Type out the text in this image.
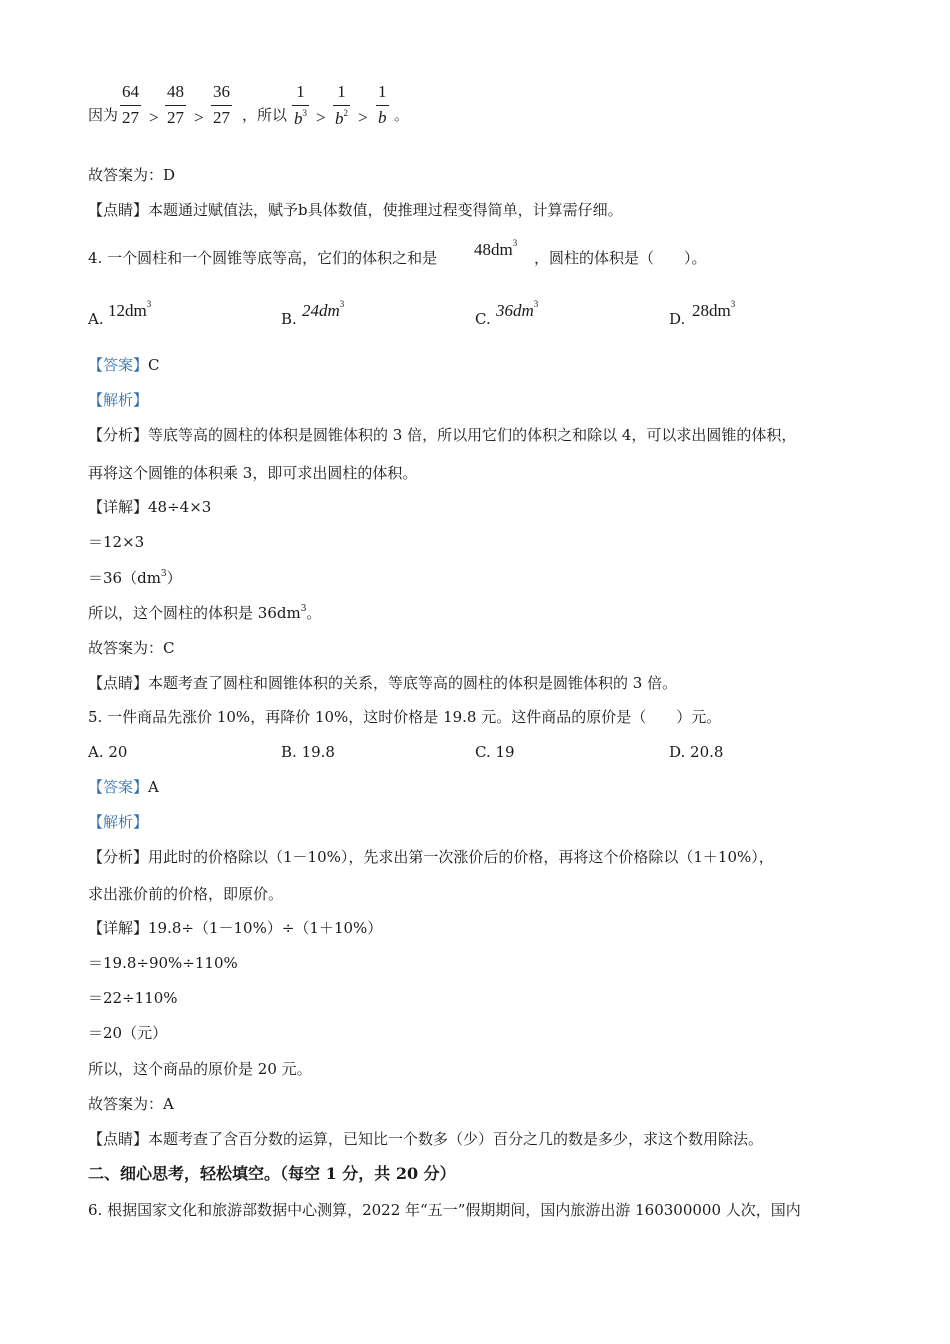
因为
64
27 >
48
27 >
36
27 ，所以
1
$b^3$ >
1
$b^2$ >
1
b 。
故答案为：D
【点睛】本题通过赋值法，赋予b具体数值，使推理过程变得简单，计算需仔细。
4. 一个圆柱和一个圆锥等底等高，它们的体积之和是 $48dm^3$
，圆柱的体积是（　　）。
A. $12dm^3$
B. $24dm^3$
C. $36dm^3$
D. $28dm^3$
【答案】C
【解析】
【分析】等底等高的圆柱的体积是圆锥体积的 3 倍，所以用它们的体积之和除以 4，可以求出圆锥的体积，
再将这个圆锥的体积乘 3，即可求出圆柱的体积。
【详解】48÷4×3
＝12×3
$=36(dm^3)$
所以，这个圆柱的体积是 $36dm^3$。
故答案为：C
【点睛】本题考查了圆柱和圆锥体积的关系，等底等高的圆柱的体积是圆锥体积的 3 倍。
5. 一件商品先涨价 10%，再降价 10%，这时价格是 19.8 元。这件商品的原价是（　　）元。
A. 20	B. 19.8	C. 19	D. 20.8
【答案】A
【解析】
【分析】用此时的价格除以（1－10%），先求出第一次涨价后的价格，再将这个价格除以（1＋10%），
求出涨价前的价格，即原价。
【详解】19.8÷（1－10%）÷（1＋10%）
＝19.8÷90%÷110%
＝22÷110%
＝20（元）
所以，这个商品的原价是 20 元。
故答案为：A
【点睛】本题考查了含百分数的运算，已知比一个数多（少）百分之几的数是多少，求这个数用除法。
二、细心思考，轻松填空。（每空 1 分，共 20 分）
6. 根据国家文化和旅游部数据中心测算，2022 年“五一”假期期间，国内旅游出游 160300000 人次，国内
